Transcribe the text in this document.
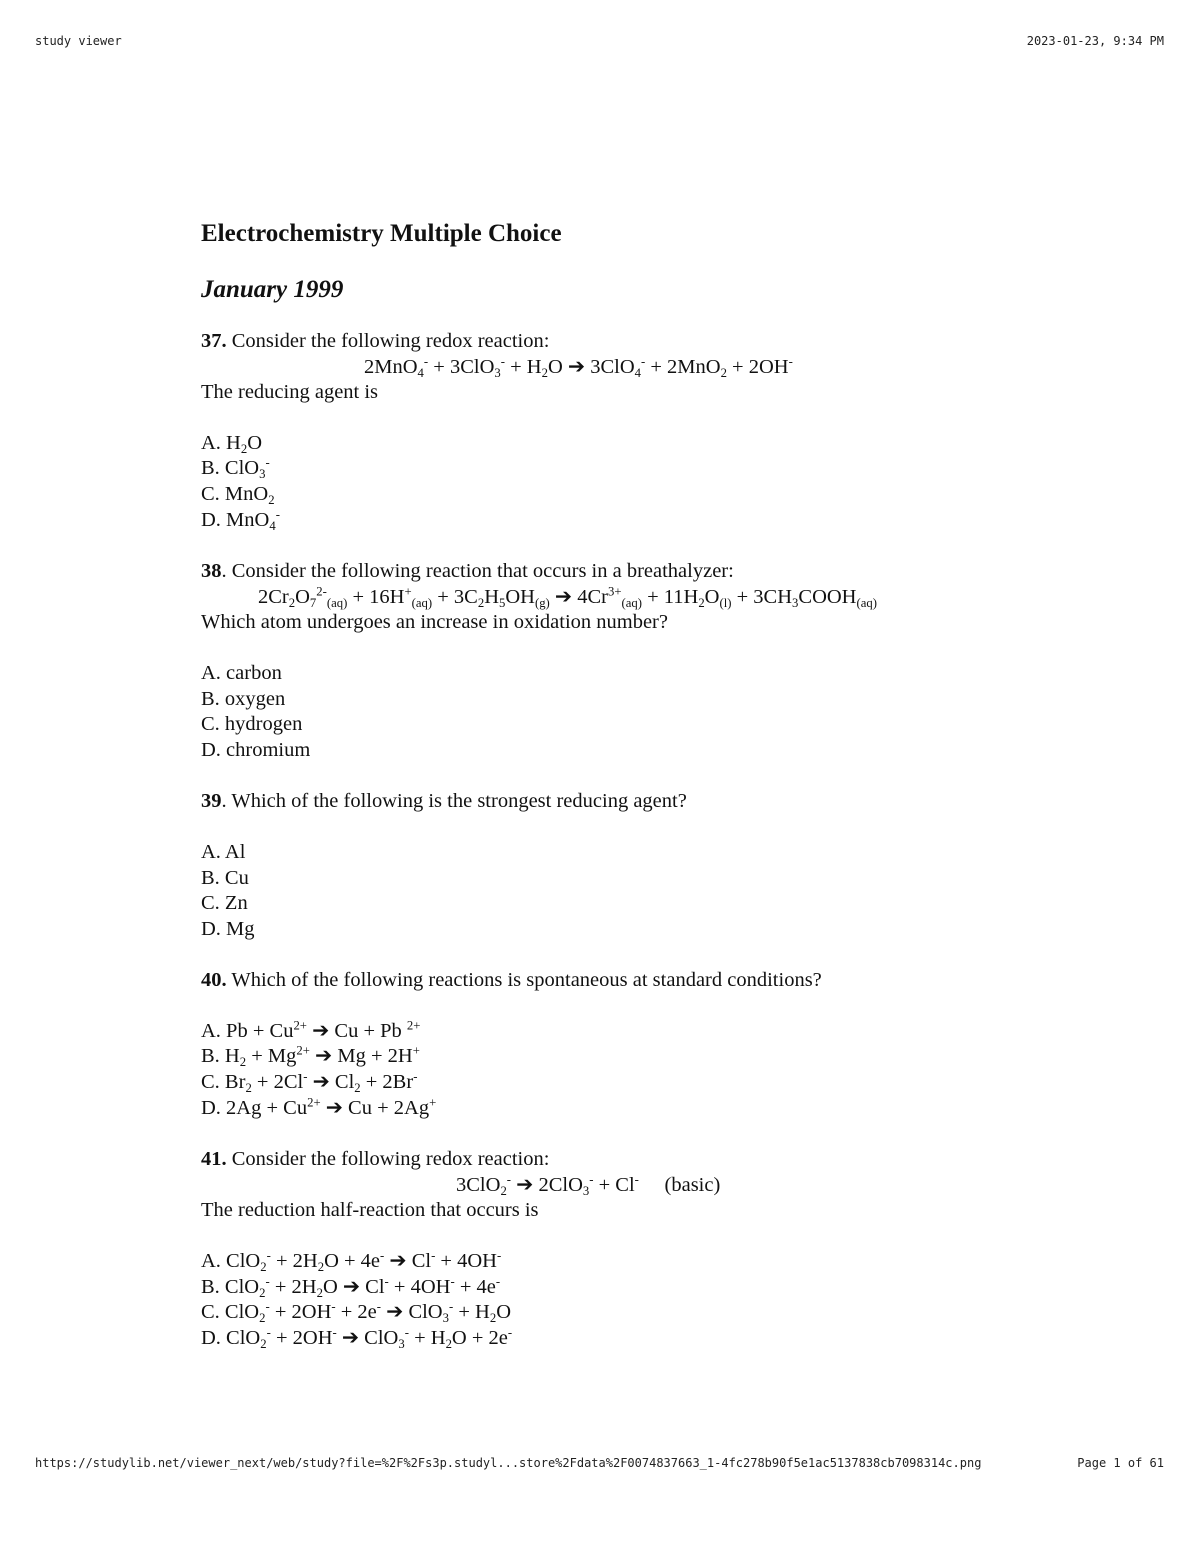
study viewer	2023-01-23, 9:34 PM
Electrochemistry Multiple Choice
January 1999
37. Consider the following redox reaction:
$2MnO_4^- + 3ClO_3^- + H_2O$ ➔ 3ClO$_4$- + 2MnO$_2$ + 2OH-
The reducing agent is
A. $H_2O$
B. ClO$_3$-
C. MnO$_2$
D. MnO$_4$-
38. Consider the following reaction that occurs in a breathalyzer:
$2Cr_2O_7^{2-}_{(aq)} + 16H^+_{(aq)} + 3C_2H_5OH_{(g)}$ ➔ $4Cr^{3+}_{(aq)} + 11H_2O_{(l)}$ + $3CH_3COOH_{(aq)}$
Which atom undergoes an increase in oxidation number?
A. carbon
B. oxygen
C. hydrogen
D. chromium
39. Which of the following is the strongest reducing agent?
A. Al
B. Cu
C. Zn
D. Mg
40. Which of the following reactions is spontaneous at standard conditions?
A. $Pb + Cu^{2+}$ ➔ Cu + Pb $^{2+}$
B. $H_2 + Mg^{2+}$ ➔ Mg + 2H+
C. $Br_2 + 2Cl^-$ ➔ $Cl_2 + 2Br^-$
D. $2Ag + Cu^{2+}$ ➔ Cu + 2Ag+
41. Consider the following redox reaction:
3ClO$_2$- ➔ 2ClO$_3$- + Cl- (basic)
The reduction half-reaction that occurs is
A. $ClO_2^- + 2H_2O + 4e^-$ ➔ Cl- + 4OH-
B. $ClO_2^- + 2H_2O$ ➔ Cl- + 4OH- + 4e-
C. ClO$_2$- + 2OH- + 2e- ➔ $ClO_3^- + H_2O$
D. ClO$_2$- + 2OH- ➔ $ClO_3^- + H_2O + 2e^-$
https://studylib.net/viewer_next/web/study?file=%2F%2Fs3p.studyl...store%2Fdata%2F0074837663_1-4fc278b90f5e1ac5137838cb7098314c.png	Page 1 of 61
